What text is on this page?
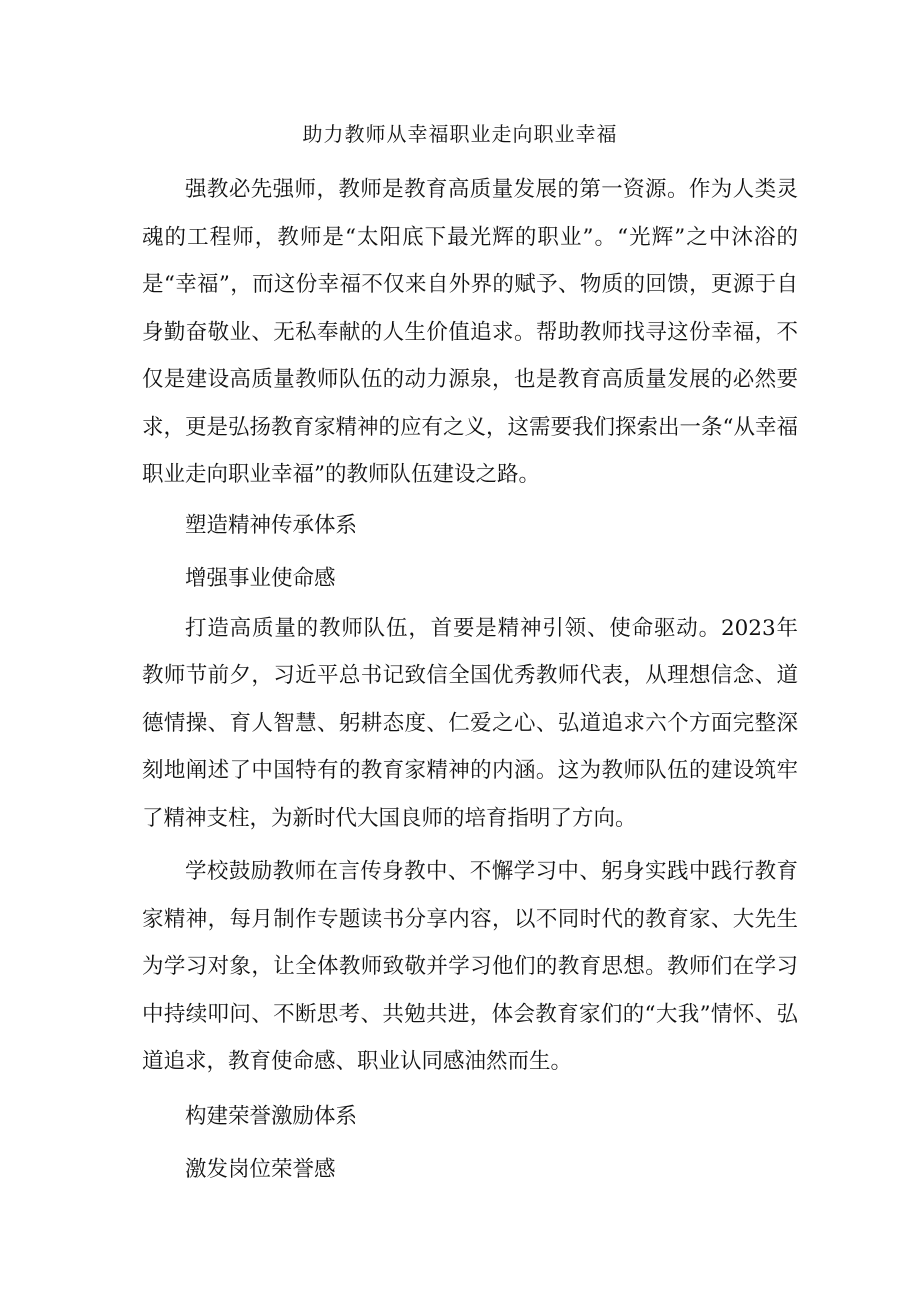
助力教师从幸福职业走向职业幸福

强教必先强师，教师是教育高质量发展的第一资源。作为人类灵魂的工程师，教师是“太阳底下最光辉的职业”。“光辉”之中沐浴的是“幸福”，而这份幸福不仅来自外界的赋予、物质的回馈，更源于自身勤奋敬业、无私奉献的人生价值追求。帮助教师找寻这份幸福，不仅是建设高质量教师队伍的动力源泉，也是教育高质量发展的必然要求，更是弘扬教育家精神的应有之义，这需要我们探索出一条“从幸福职业走向职业幸福”的教师队伍建设之路。

塑造精神传承体系

增强事业使命感

打造高质量的教师队伍，首要是精神引领、使命驱动。2023年教师节前夕，习近平总书记致信全国优秀教师代表，从理想信念、道德情操、育人智慧、躬耕态度、仁爱之心、弘道追求六个方面完整深刻地阐述了中国特有的教育家精神的内涵。这为教师队伍的建设筑牢了精神支柱，为新时代大国良师的培育指明了方向。

学校鼓励教师在言传身教中、不懈学习中、躬身实践中践行教育家精神，每月制作专题读书分享内容，以不同时代的教育家、大先生为学习对象，让全体教师致敬并学习他们的教育思想。教师们在学习中持续叩问、不断思考、共勉共进，体会教育家们的“大我”情怀、弘道追求，教育使命感、职业认同感油然而生。

构建荣誉激励体系

激发岗位荣誉感
